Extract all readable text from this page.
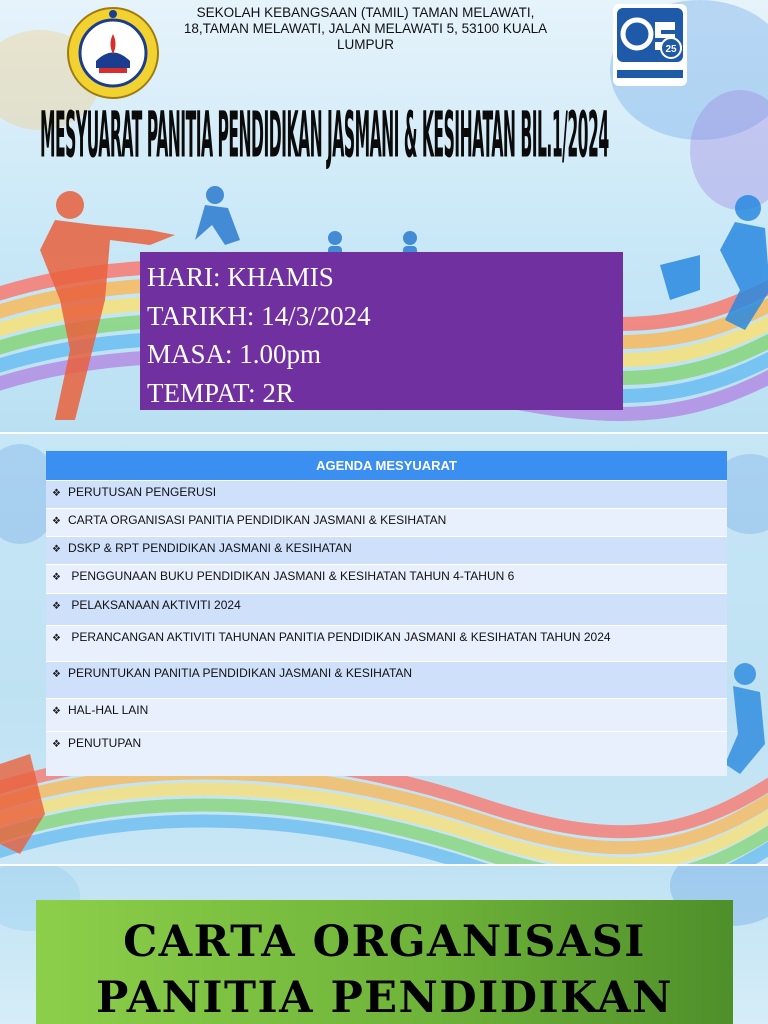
SEKOLAH KEBANGSAAN (TAMIL) TAMAN MELAWATI, 18,TAMAN MELAWATI, JALAN MELAWATI 5, 53100 KUALA LUMPUR	25
MESYUARAT PANITIA PENDIDIKAN JASMANI & KESIHATAN BIL.1/2024
HARI: KHAMIS
TARIKH: 14/3/2024
MASA: 1.00pm
TEMPAT: 2R
AGENDA MESYUARAT
❖ PERUTUSAN PENGERUSI
❖ CARTA ORGANISASI PANITIA PENDIDIKAN JASMANI & KESIHATAN
❖ DSKP & RPT PENDIDIKAN JASMANI & KESIHATAN
❖ PENGGUNAAN BUKU PENDIDIKAN JASMANI & KESIHATAN TAHUN 4-TAHUN 6
❖ PELAKSANAAN AKTIVITI 2024
❖ PERANCANGAN AKTIVITI TAHUNAN PANITIA PENDIDIKAN JASMANI & KESIHATAN TAHUN 2024
❖ PERUNTUKAN PANITIA PENDIDIKAN JASMANI & KESIHATAN
❖ HAL-HAL LAIN
❖ PENUTUPAN
CARTA ORGANISASI
PANITIA PENDIDIKAN
